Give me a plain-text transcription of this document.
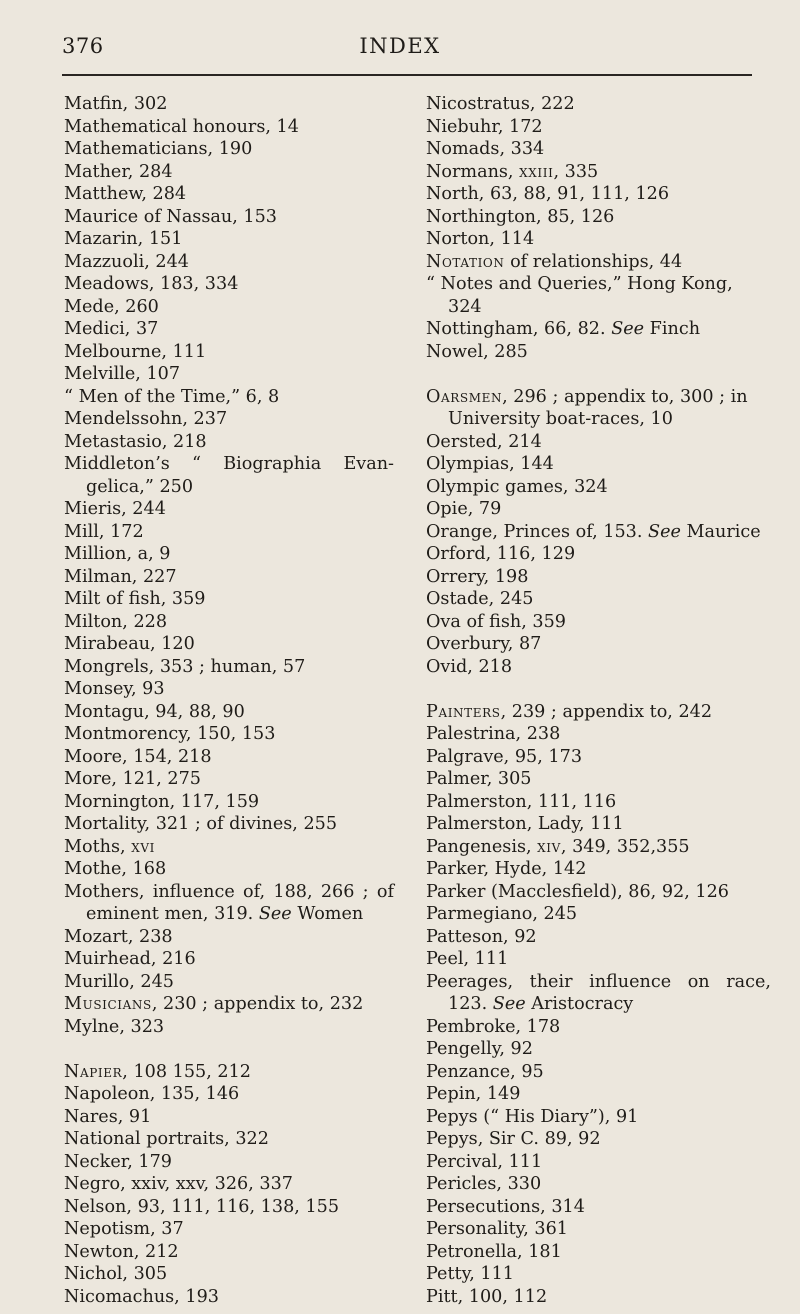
376	INDEX
Matfin, 302
Mathematical honours, 14
Mathematicians, 190
Mather, 284
Matthew, 284
Maurice of Nassau, 153
Mazarin, 151
Mazzuoli, 244
Meadows, 183, 334
Mede, 260
Medici, 37
Melbourne, 111
Melville, 107
“ Men of the Time,” 6, 8
Mendelssohn, 237
Metastasio, 218
Middleton’s “ Biographia Evan-gelica,” 250
Mieris, 244
Mill, 172
Million, a, 9
Milman, 227
Milt of fish, 359
Milton, 228
Mirabeau, 120
Mongrels, 353 ; human, 57
Monsey, 93
Montagu, 94, 88, 90
Montmorency, 150, 153
Moore, 154, 218
More, 121, 275
Mornington, 117, 159
Mortality, 321 ; of divines, 255
Moths, xvi
Mothe, 168
Mothers, influence of, 188, 266 ; of eminent men, 319. See Women
Mozart, 238
Muirhead, 216
Murillo, 245
Musicians, 230 ; appendix to, 232
Mylne, 323
Napier, 108 155, 212
Napoleon, 135, 146
Nares, 91
National portraits, 322
Necker, 179
Negro, xxiv, xxv, 326, 337
Nelson, 93, 111, 116, 138, 155
Nepotism, 37
Newton, 212
Nichol, 305
Nicomachus, 193
Nicostratus, 222
Niebuhr, 172
Nomads, 334
Normans, xxiii, 335
North, 63, 88, 91, 111, 126
Northington, 85, 126
Norton, 114
Notation of relationships, 44
“ Notes and Queries,” Hong Kong, 324
Nottingham, 66, 82. See Finch
Nowel, 285
Oarsmen, 296 ; appendix to, 300 ; in University boat-races, 10
Oersted, 214
Olympias, 144
Olympic games, 324
Opie, 79
Orange, Princes of, 153. See Maurice
Orford, 116, 129
Orrery, 198
Ostade, 245
Ova of fish, 359
Overbury, 87
Ovid, 218
Painters, 239 ; appendix to, 242
Palestrina, 238
Palgrave, 95, 173
Palmer, 305
Palmerston, 111, 116
Palmerston, Lady, 111
Pangenesis, xiv, 349, 352,355
Parker, Hyde, 142
Parker (Macclesfield), 86, 92, 126
Parmegiano, 245
Patteson, 92
Peel, 111
Peerages, their influence on race, 123. See Aristocracy
Pembroke, 178
Pengelly, 92
Penzance, 95
Pepin, 149
Pepys (“ His Diary”), 91
Pepys, Sir C. 89, 92
Percival, 111
Pericles, 330
Persecutions, 314
Personality, 361
Petronella, 181
Petty, 111
Pitt, 100, 112
